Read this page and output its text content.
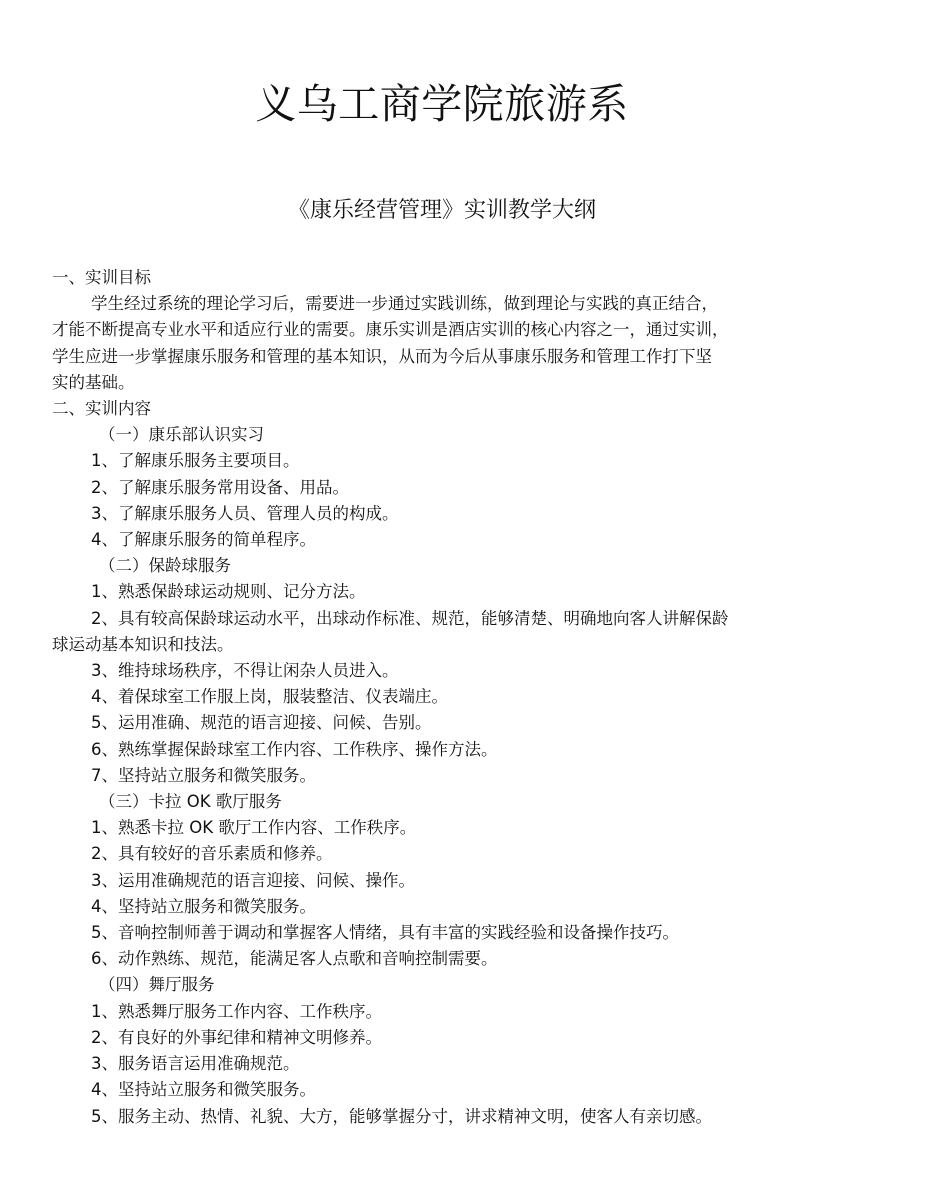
义乌工商学院旅游系
《康乐经营管理》实训教学大纲
一、实训目标
学生经过系统的理论学习后，需要进一步通过实践训练，做到理论与实践的真正结合，
才能不断提高专业水平和适应行业的需要。康乐实训是酒店实训的核心内容之一，通过实训，
学生应进一步掌握康乐服务和管理的基本知识，从而为今后从事康乐服务和管理工作打下坚
实的基础。
二、实训内容
（一）康乐部认识实习
1、了解康乐服务主要项目。
2、了解康乐服务常用设备、用品。
3、了解康乐服务人员、管理人员的构成。
4、了解康乐服务的简单程序。
（二）保龄球服务
1、熟悉保龄球运动规则、记分方法。
2、具有较高保龄球运动水平，出球动作标准、规范，能够清楚、明确地向客人讲解保龄
球运动基本知识和技法。
3、维持球场秩序，不得让闲杂人员进入。
4、着保球室工作服上岗，服装整洁、仪表端庄。
5、运用准确、规范的语言迎接、问候、告别。
6、熟练掌握保龄球室工作内容、工作秩序、操作方法。
7、坚持站立服务和微笑服务。
（三）卡拉 OK 歌厅服务
1、熟悉卡拉 OK 歌厅工作内容、工作秩序。
2、具有较好的音乐素质和修养。
3、运用准确规范的语言迎接、问候、操作。
4、坚持站立服务和微笑服务。
5、音响控制师善于调动和掌握客人情绪，具有丰富的实践经验和设备操作技巧。
6、动作熟练、规范，能满足客人点歌和音响控制需要。
（四）舞厅服务
1、熟悉舞厅服务工作内容、工作秩序。
2、有良好的外事纪律和精神文明修养。
3、服务语言运用准确规范。
4、坚持站立服务和微笑服务。
5、服务主动、热情、礼貌、大方，能够掌握分寸，讲求精神文明，使客人有亲切感。
